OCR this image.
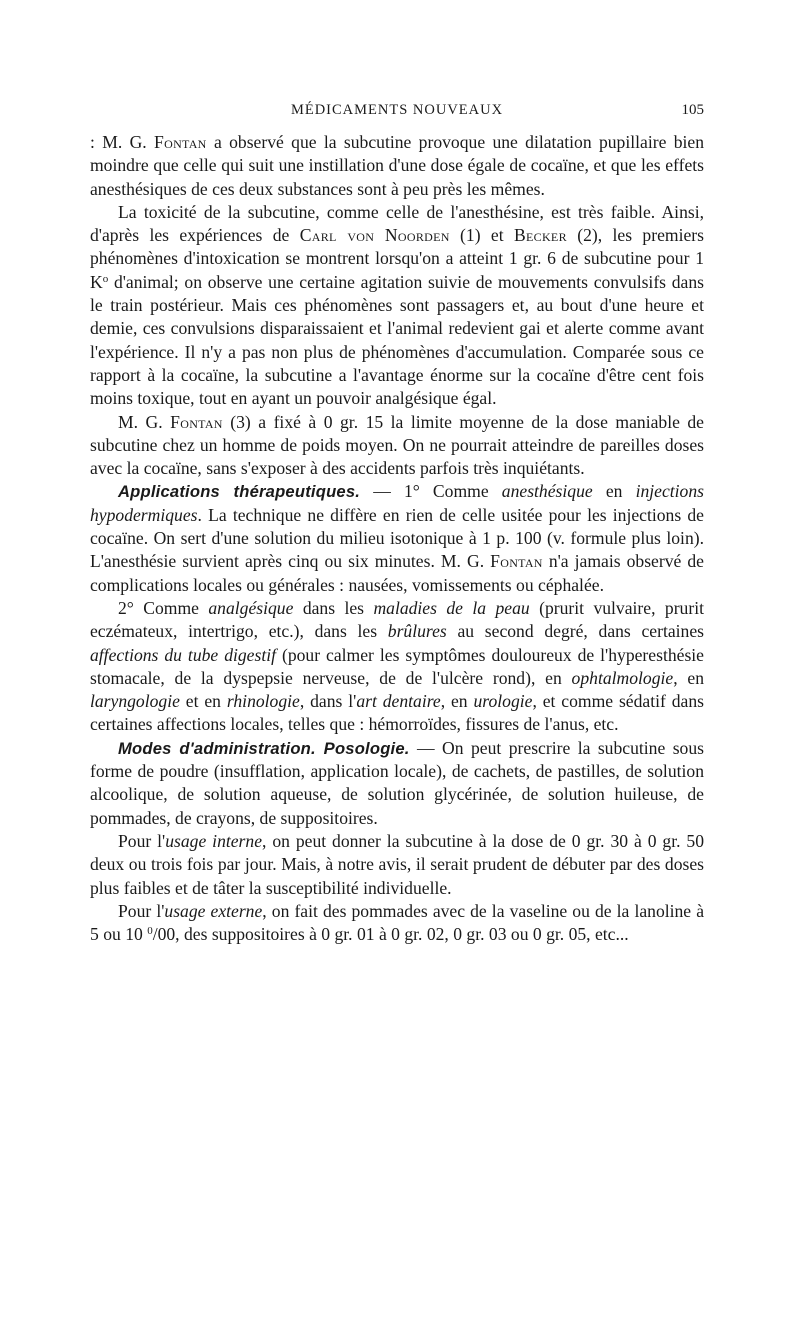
MÉDICAMENTS NOUVEAUX	105

: M. G. Fontan a observé que la subcutine provoque une dilatation pupillaire bien moindre que celle qui suit une instillation d'une dose égale de cocaïne, et que les effets anesthésiques de ces deux substances sont à peu près les mêmes.

La toxicité de la subcutine, comme celle de l'anesthésine, est très faible. Ainsi, d'après les expériences de Carl von Noorden (1) et Becker (2), les premiers phénomènes d'intoxication se montrent lorsqu'on a atteint 1 gr. 6 de subcutine pour 1 $K^o$ d'animal; on observe une certaine agitation suivie de mouvements convulsifs dans le train postérieur. Mais ces phénomènes sont passagers et, au bout d'une heure et demie, ces convulsions disparaissaient et l'animal redevient gai et alerte comme avant l'expérience. Il n'y a pas non plus de phénomènes d'accumulation. Comparée sous ce rapport à la cocaïne, la subcutine a l'avantage énorme sur la cocaïne d'être cent fois moins toxique, tout en ayant un pouvoir analgésique égal.

M. G. Fontan (3) a fixé à 0 gr. 15 la limite moyenne de la dose maniable de subcutine chez un homme de poids moyen. On ne pourrait atteindre de pareilles doses avec la cocaïne, sans s'exposer à des accidents parfois très inquiétants.

Applications thérapeutiques. — 1° Comme anesthésique en injections hypodermiques. La technique ne diffère en rien de celle usitée pour les injections de cocaïne. On sert d'une solution du milieu isotonique à 1 p. 100 (v. formule plus loin). L'anesthésie survient après cinq ou six minutes. M. G. Fontan n'a jamais observé de complications locales ou générales : nausées, vomissements ou céphalée.

2° Comme analgésique dans les maladies de la peau (prurit vulvaire, prurit eczémateux, intertrigo, etc.), dans les brûlures au second degré, dans certaines affections du tube digestif (pour calmer les symptômes douloureux de l'hyperesthésie stomacale, de la dyspepsie nerveuse, de de l'ulcère rond), en ophtalmologie, en laryngologie et en rhinologie, dans l'art dentaire, en urologie, et comme sédatif dans certaines affections locales, telles que : hémorroïdes, fissures de l'anus, etc.

Modes d'administration. Posologie. — On peut prescrire la subcutine sous forme de poudre (insufflation, application locale), de cachets, de pastilles, de solution alcoolique, de solution aqueuse, de solution glycérinée, de solution huileuse, de pommades, de crayons, de suppositoires.

Pour l'usage interne, on peut donner la subcutine à la dose de 0 gr. 30 à 0 gr. 50 deux ou trois fois par jour. Mais, à notre avis, il serait prudent de débuter par des doses plus faibles et de tâter la susceptibilité individuelle.

Pour l'usage externe, on fait des pommades avec de la vaseline ou de la lanoline à 5 ou 10 $^0$/00, des suppositoires à 0 gr. 01 à 0 gr. 02, 0 gr. 03 ou 0 gr. 05, etc...
